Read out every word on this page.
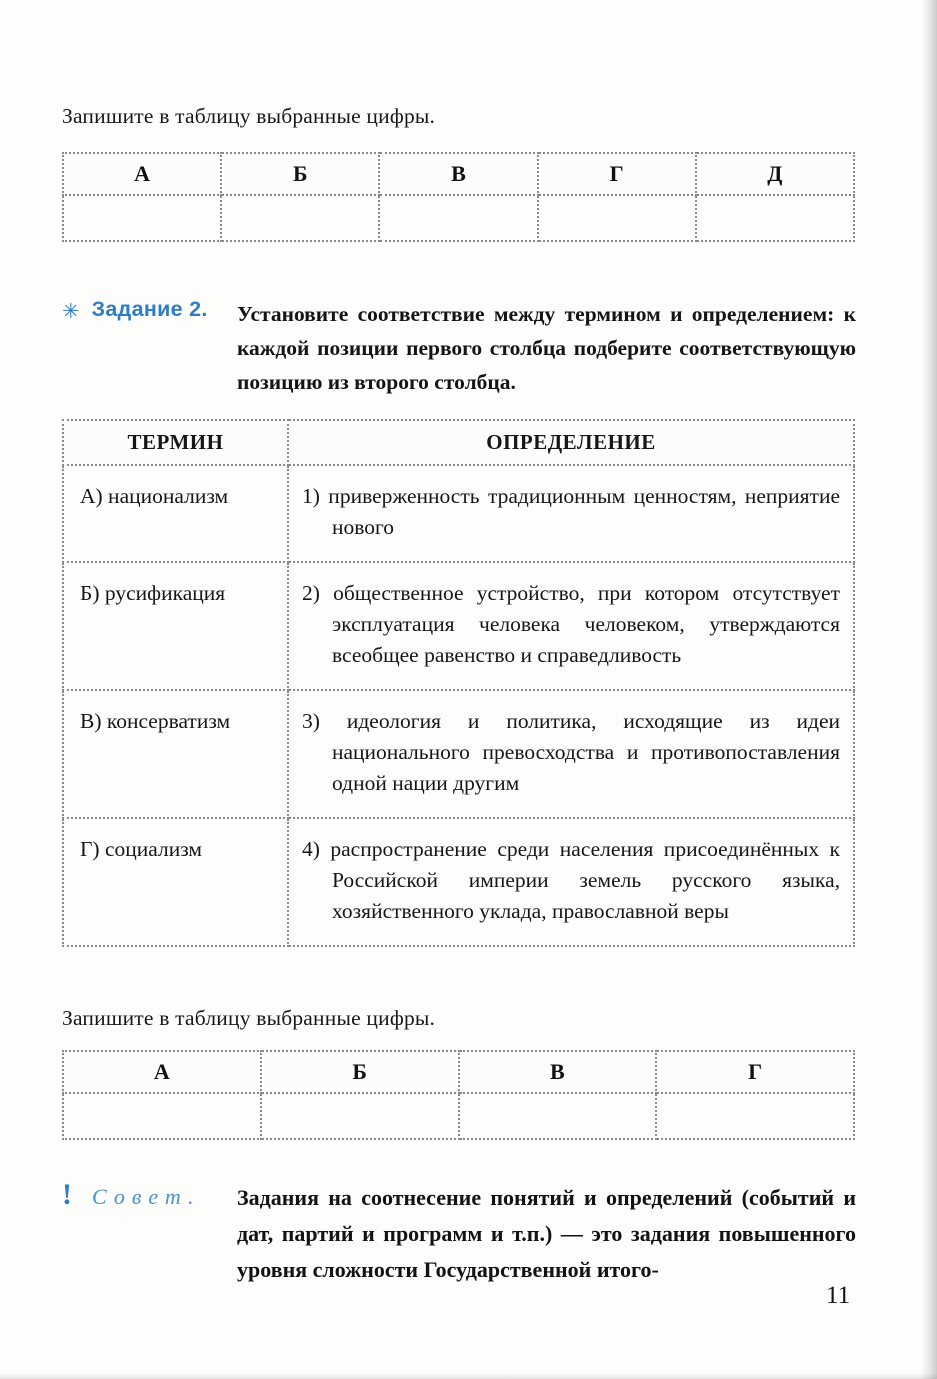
Запишите в таблицу выбранные цифры.

А	Б	В	Г	Д

✳ Задание 2. Установите соответствие между термином и определением: к каждой позиции первого столбца подберите соответствующую позицию из второго столбца.

ТЕРМИН	ОПРЕДЕЛЕНИЕ
А) национализм	1) приверженность традиционным ценностям, неприятие нового

Б) русификация	2) общественное устройство, при котором отсутствует эксплуатация человека человеком, утверждаются всеобщее равенство и справедливость

В) консерватизм	3) идеология и политика, исходящие из идеи национального превосходства и противопоставления одной нации другим

Г) социализм	4) распространение среди населения присоединённых к Российской империи земель русского языка, хозяйственного уклада, православной веры

Запишите в таблицу выбранные цифры.

А	Б	В	Г

! Совет. Задания на соотнесение понятий и определений (событий и дат, партий и программ и т.п.) — это задания повышенного уровня сложности Государственной итого-

11
